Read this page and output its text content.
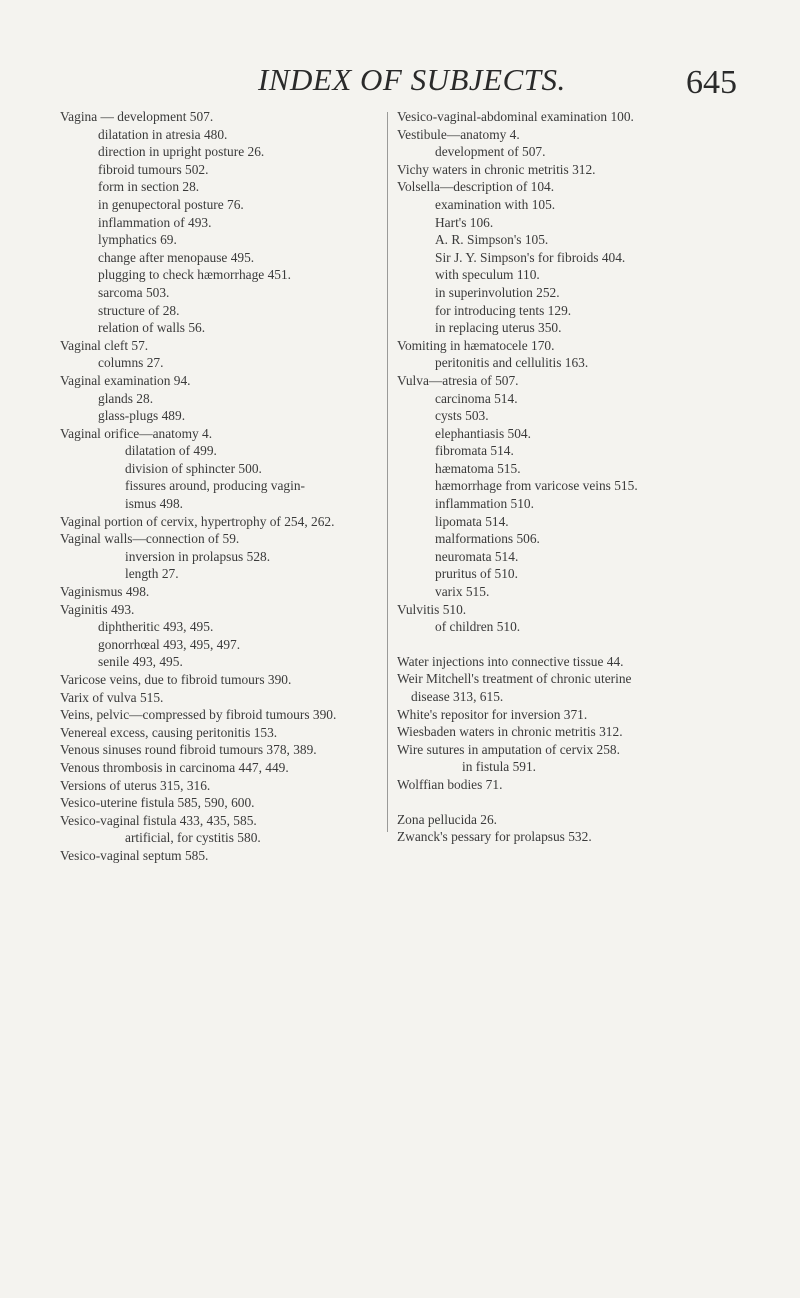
INDEX OF SUBJECTS.	645
Vagina — development 507.
dilatation in atresia 480.
direction in upright posture 26.
fibroid tumours 502.
form in section 28.
in genupectoral posture 76.
inflammation of 493.
lymphatics 69.
change after menopause 495.
plugging to check hæmorrhage 451.
sarcoma 503.
structure of 28.
relation of walls 56.
Vaginal cleft 57.
columns 27.
Vaginal examination 94.
glands 28.
glass-plugs 489.
Vaginal orifice—anatomy 4.
dilatation of 499.
division of sphincter 500.
fissures around, producing vagin-
ismus 498.
Vaginal portion of cervix, hypertrophy of 254, 262.
Vaginal walls—connection of 59.
inversion in prolapsus 528.
length 27.
Vaginismus 498.
Vaginitis 493.
diphtheritic 493, 495.
gonorrhœal 493, 495, 497.
senile 493, 495.
Varicose veins, due to fibroid tumours 390.
Varix of vulva 515.
Veins, pelvic—compressed by fibroid tumours 390.
Venereal excess, causing peritonitis 153.
Venous sinuses round fibroid tumours 378, 389.
Venous thrombosis in carcinoma 447, 449.
Versions of uterus 315, 316.
Vesico-uterine fistula 585, 590, 600.
Vesico-vaginal fistula 433, 435, 585.
artificial, for cystitis 580.
Vesico-vaginal septum 585.
Vesico-vaginal-abdominal examination 100.
Vestibule—anatomy 4.
development of 507.
Vichy waters in chronic metritis 312.
Volsella—description of 104.
examination with 105.
Hart's 106.
A. R. Simpson's 105.
Sir J. Y. Simpson's for fibroids 404.
with speculum 110.
in superinvolution 252.
for introducing tents 129.
in replacing uterus 350.
Vomiting in hæmatocele 170.
peritonitis and cellulitis 163.
Vulva—atresia of 507.
carcinoma 514.
cysts 503.
elephantiasis 504.
fibromata 514.
hæmatoma 515.
hæmorrhage from varicose veins 515.
inflammation 510.
lipomata 514.
malformations 506.
neuromata 514.
pruritus of 510.
varix 515.
Vulvitis 510.
of children 510.
Water injections into connective tissue 44.
Weir Mitchell's treatment of chronic uterine
disease 313, 615.
White's repositor for inversion 371.
Wiesbaden waters in chronic metritis 312.
Wire sutures in amputation of cervix 258.
in fistula 591.
Wolffian bodies 71.
Zona pellucida 26.
Zwanck's pessary for prolapsus 532.
